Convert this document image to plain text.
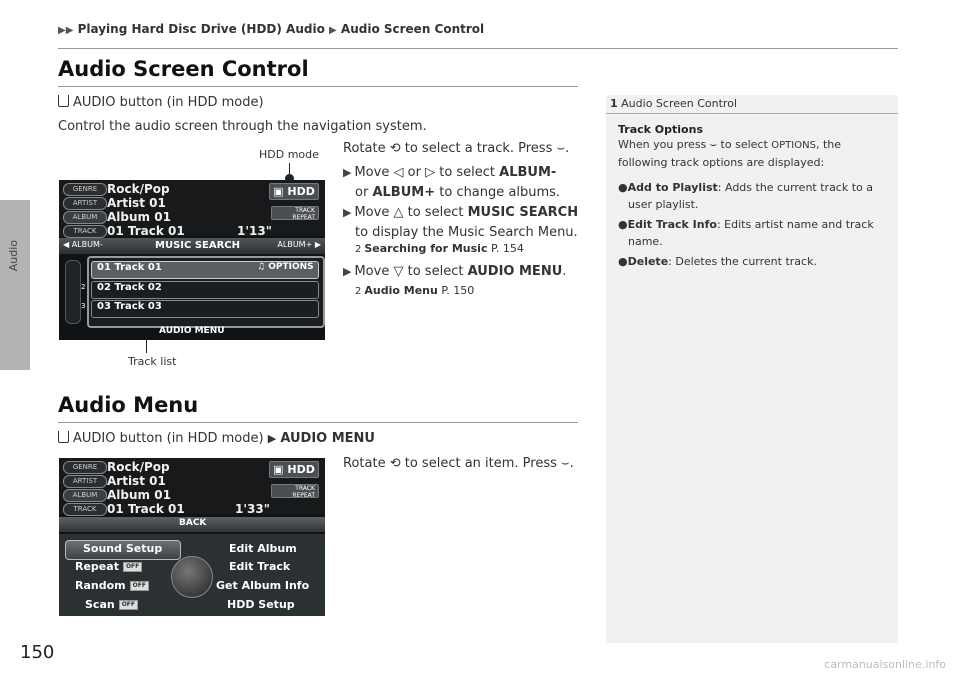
Audio
▶▶ Playing Hard Disc Drive (HDD) Audio ▶ Audio Screen Control
Audio Screen Control
AUDIO button (in HDD mode)
Control the audio screen through the navigation system.
Rotate ⟲ to select a track. Press ⌣.
▶ Move ◁ or ▷ to select ALBUM-
or ALBUM+ to change albums.
▶ Move △ to select MUSIC SEARCH
to display the Music Search Menu.
2 Searching for Music P. 154
▶ Move ▽ to select AUDIO MENU.
2 Audio Menu P. 150
HDD mode
Track list
GENRE Rock/Pop
ARTIST Artist 01
ALBUM Album 01
TRACK 01 Track 01	1'13"
▣ HDD
TRACK
REPEAT
◀ ALBUM-	MUSIC SEARCH	ALBUM+ ▶
01 Track 01	♫ OPTIONS
2 02 Track 02
3 03 Track 03
AUDIO MENU
Audio Menu
AUDIO button (in HDD mode) ▶ AUDIO MENU
Rotate ⟲ to select an item. Press ⌣.
GENRE Rock/Pop
ARTIST Artist 01
ALBUM Album 01
TRACK 01 Track 01	1'33"
▣ HDD
TRACK
REPEAT
BACK
Sound Setup
Repeat OFF
Random OFF
Scan OFF
Edit Album
Edit Track
Get Album Info
HDD Setup
1 Audio Screen Control
Track Options
When you press ⌣ to select OPTIONS, the
following track options are displayed:
●Add to Playlist: Adds the current track to a
user playlist.
●Edit Track Info: Edits artist name and track
name.
●Delete: Deletes the current track.
150
carmanualsonline.info
